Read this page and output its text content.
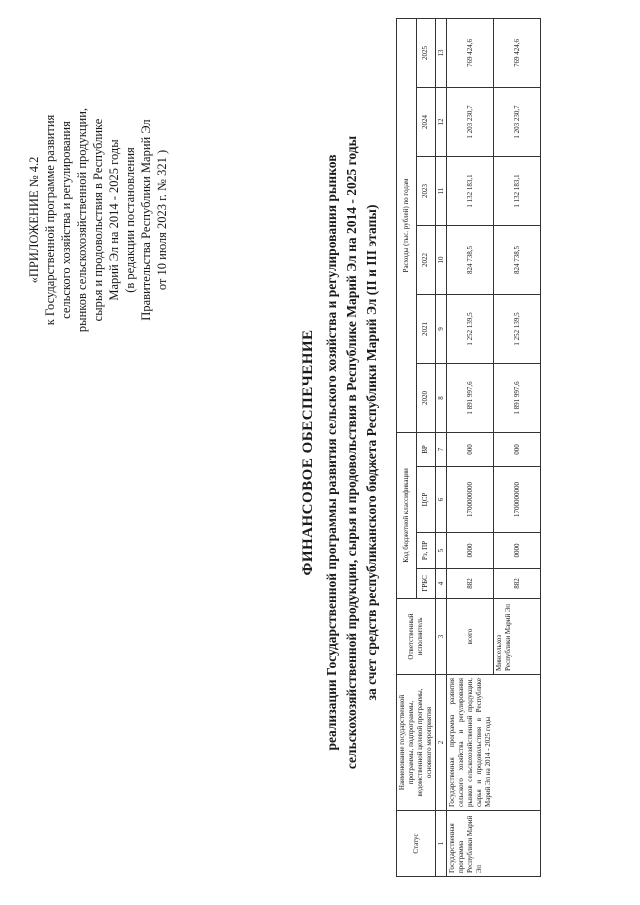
«ПРИЛОЖЕНИЕ № 4.2 к Государственной программе развития сельского хозяйства и регулирования рынков сельскохозяйственной продукции, сырья и продовольствия в Республике Марий Эл на 2014 - 2025 годы (в редакции постановления Правительства Республики Марий Эл от 10 июля 2023 г. № 321 )
ФИНАНСОВОЕ ОБЕСПЕЧЕНИЕ реализации Государственной программы развития сельского хозяйства и регулирования рынков сельскохозяйственной продукции, сырья и продовольствия в Республике Марий Эл на 2014 - 2025 годы за счет средств республиканского бюджета Республики Марий Эл (II и III этапы)
Статус	Наименование государственной программы, подпрограммы, ведомственной целевой программы, основного мероприятия	Ответственный исполнитель	Код бюджетной классификации				Расходы (тыс. рублей) по годам					
			ГРБС	Рз, ПР	ЦСР	ВР	2020	2021	2022	2023	2024	2025
1	2	3	4	5	6	7	8	9	10	11	12	13
Государственная программа Республики Марий Эл	Государственная программа развития сельского хозяйства и регулирования рынков сельскохозяйственной продукции, сырья и продовольствия в Республике Марий Эл на 2014 - 2025 годы	всего	882	0000	1700000000	000	1 891 997,6	1 252 139,5	824 738,5	1 132 183,1	1 203 230,7	769 424,6
		Минсельхоз Республики Марий Эл	882	0000	1700000000	000	1 891 997,6	1 252 139,5	824 738,5	1 132 183,1	1 203 230,7	769 424,6
